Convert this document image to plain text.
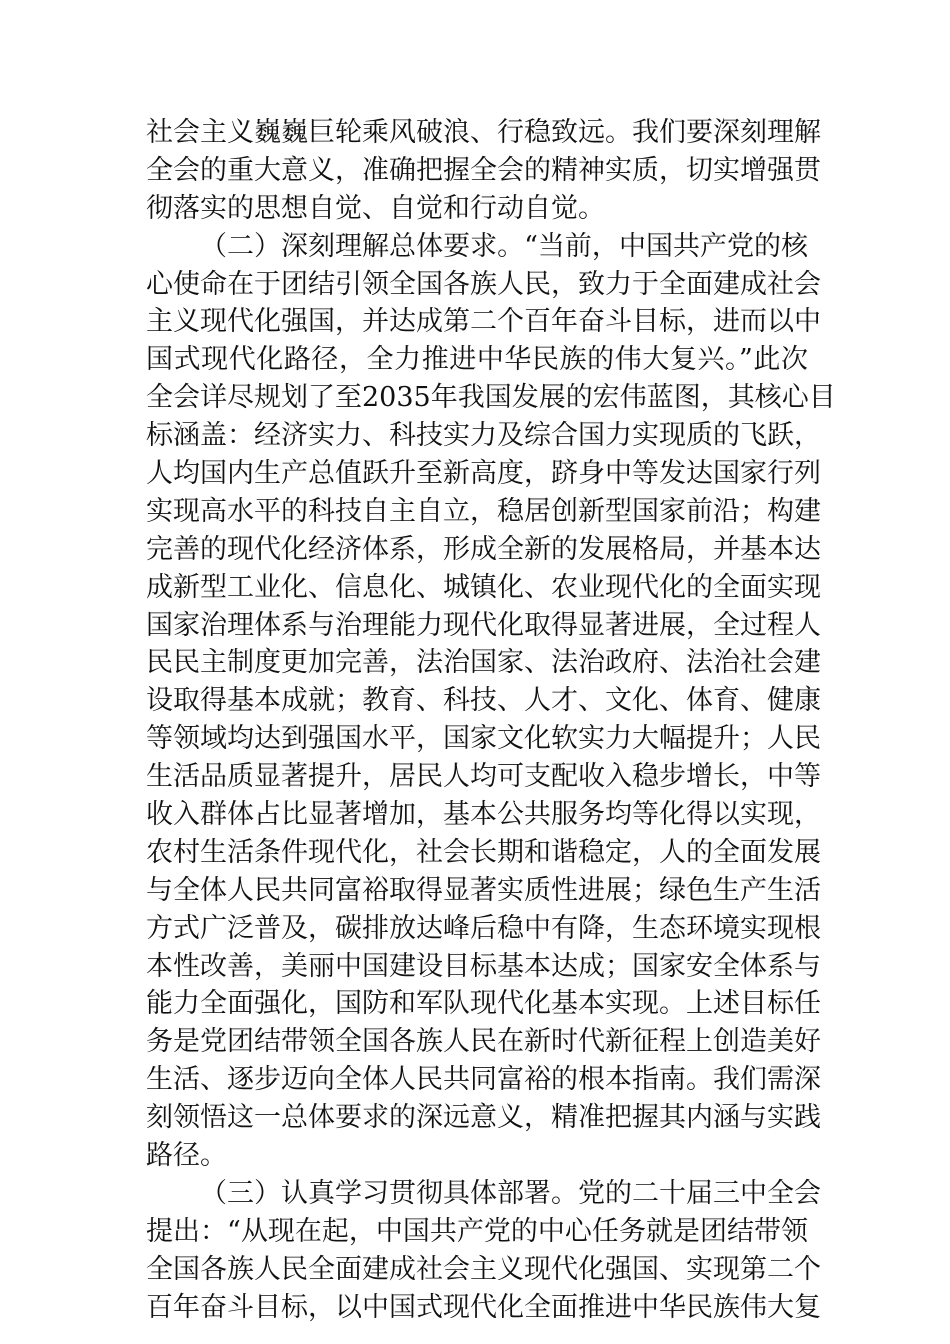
社会主义巍巍巨轮乘风破浪、行稳致远。我们要深刻理解
全会的重大意义，准确把握全会的精神实质，切实增强贯
彻落实的思想自觉、自觉和行动自觉。
（二）深刻理解总体要求。“当前，中国共产党的核
心使命在于团结引领全国各族人民，致力于全面建成社会
主义现代化强国，并达成第二个百年奋斗目标，进而以中
国式现代化路径，全力推进中华民族的伟大复兴。”此次
全会详尽规划了至2035年我国发展的宏伟蓝图，其核心目
标涵盖：经济实力、科技实力及综合国力实现质的飞跃，
人均国内生产总值跃升至新高度，跻身中等发达国家行列
实现高水平的科技自主自立，稳居创新型国家前沿；构建
完善的现代化经济体系，形成全新的发展格局，并基本达
成新型工业化、信息化、城镇化、农业现代化的全面实现
国家治理体系与治理能力现代化取得显著进展，全过程人
民民主制度更加完善，法治国家、法治政府、法治社会建
设取得基本成就；教育、科技、人才、文化、体育、健康
等领域均达到强国水平，国家文化软实力大幅提升；人民
生活品质显著提升，居民人均可支配收入稳步增长，中等
收入群体占比显著增加，基本公共服务均等化得以实现，
农村生活条件现代化，社会长期和谐稳定，人的全面发展
与全体人民共同富裕取得显著实质性进展；绿色生产生活
方式广泛普及，碳排放达峰后稳中有降，生态环境实现根
本性改善，美丽中国建设目标基本达成；国家安全体系与
能力全面强化，国防和军队现代化基本实现。上述目标任
务是党团结带领全国各族人民在新时代新征程上创造美好
生活、逐步迈向全体人民共同富裕的根本指南。我们需深
刻领悟这一总体要求的深远意义，精准把握其内涵与实践
路径。
（三）认真学习贯彻具体部署。党的二十届三中全会
提出：“从现在起，中国共产党的中心任务就是团结带领
全国各族人民全面建成社会主义现代化强国、实现第二个
百年奋斗目标，以中国式现代化全面推进中华民族伟大复
